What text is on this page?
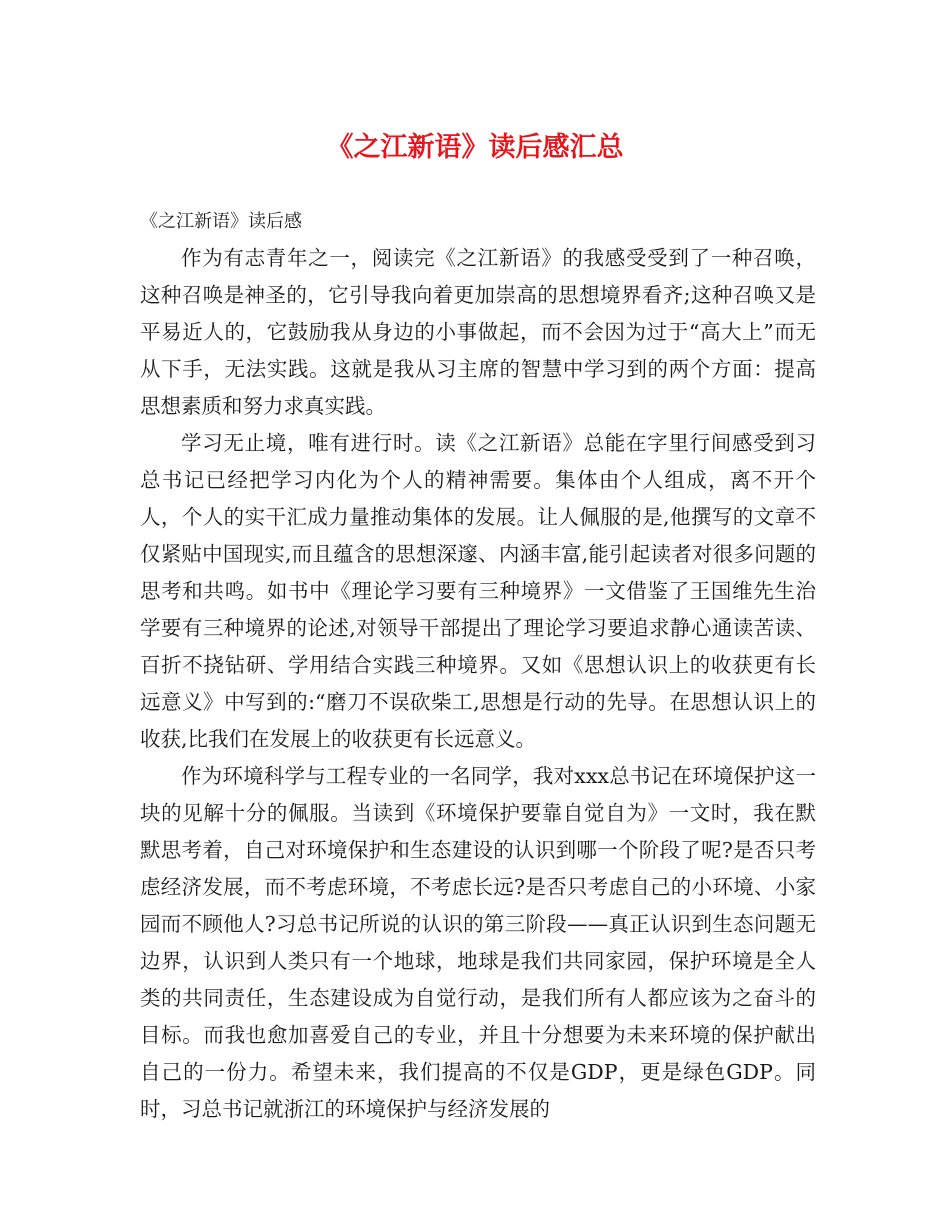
《之江新语》读后感汇总

《之江新语》读后感

作为有志青年之一，阅读完《之江新语》的我感受受到了一种召唤，这种召唤是神圣的，它引导我向着更加崇高的思想境界看齐;这种召唤又是平易近人的，它鼓励我从身边的小事做起，而不会因为过于“高大上”而无从下手，无法实践。这就是我从习主席的智慧中学习到的两个方面：提高思想素质和努力求真实践。

学习无止境，唯有进行时。读《之江新语》总能在字里行间感受到习总书记已经把学习内化为个人的精神需要。集体由个人组成，离不开个人，个人的实干汇成力量推动集体的发展。让人佩服的是,他撰写的文章不仅紧贴中国现实,而且蕴含的思想深邃、内涵丰富,能引起读者对很多问题的思考和共鸣。如书中《理论学习要有三种境界》一文借鉴了王国维先生治学要有三种境界的论述,对领导干部提出了理论学习要追求静心通读苦读、百折不挠钻研、学用结合实践三种境界。又如《思想认识上的收获更有长远意义》中写到的:“磨刀不误砍柴工,思想是行动的先导。在思想认识上的收获,比我们在发展上的收获更有长远意义。

作为环境科学与工程专业的一名同学，我对xxx总书记在环境保护这一块的见解十分的佩服。当读到《环境保护要靠自觉自为》一文时，我在默默思考着，自己对环境保护和生态建设的认识到哪一个阶段了呢?是否只考虑经济发展，而不考虑环境，不考虑长远?是否只考虑自己的小环境、小家园而不顾他人?习总书记所说的认识的第三阶段——真正认识到生态问题无边界，认识到人类只有一个地球，地球是我们共同家园，保护环境是全人类的共同责任，生态建设成为自觉行动，是我们所有人都应该为之奋斗的目标。而我也愈加喜爱自己的专业，并且十分想要为未来环境的保护献出自己的一份力。希望未来，我们提高的不仅是GDP，更是绿色GDP。同时，习总书记就浙江的环境保护与经济发展的
